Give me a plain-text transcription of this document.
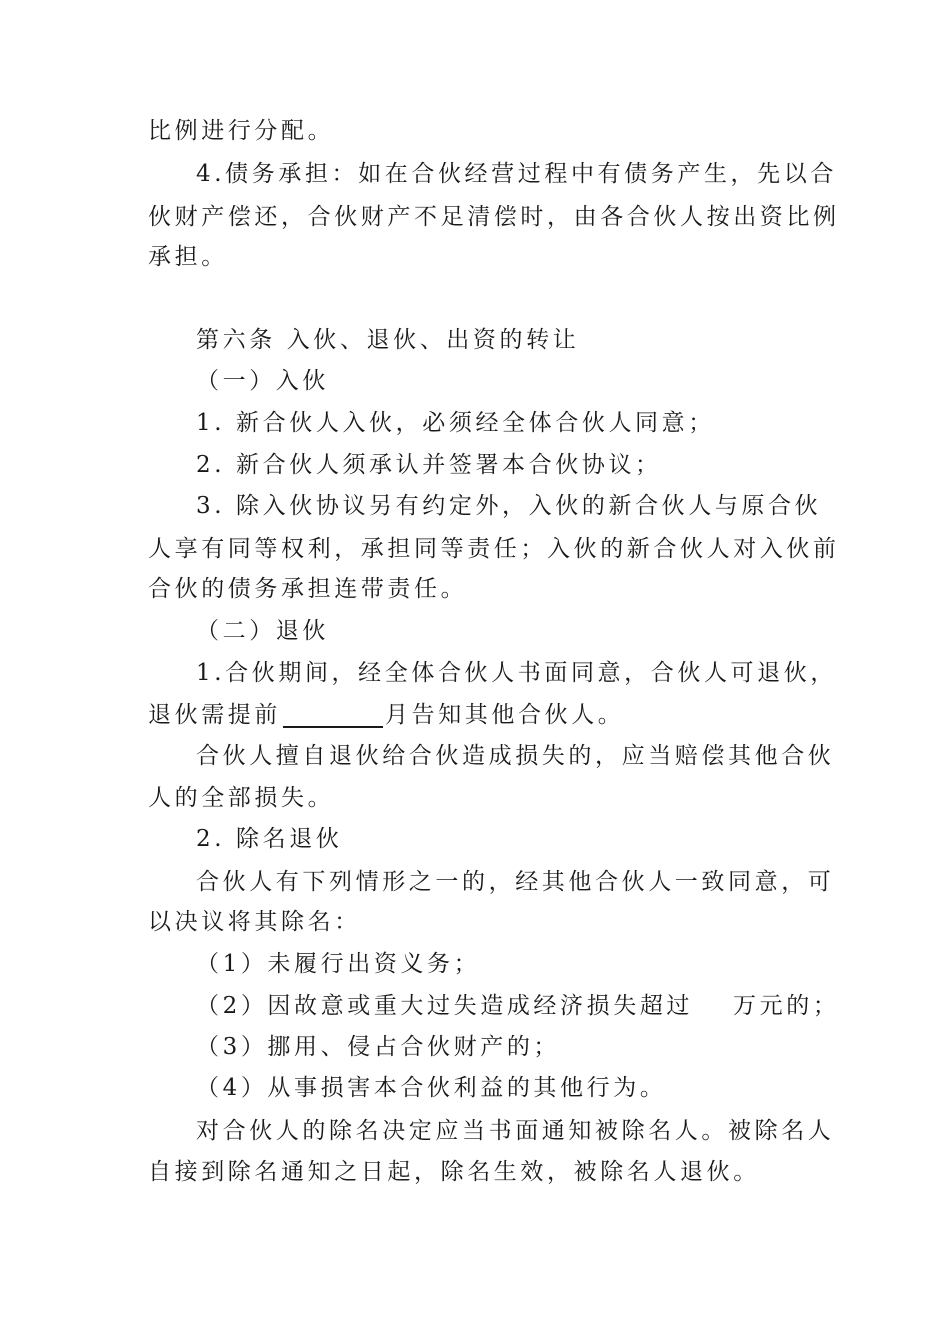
比例进行分配。
4.债务承担：如在合伙经营过程中有债务产生，先以合
伙财产偿还，合伙财产不足清偿时，由各合伙人按出资比例
承担。
第六条 入伙、退伙、出资的转让
（一）入伙
1. 新合伙人入伙，必须经全体合伙人同意；
2. 新合伙人须承认并签署本合伙协议；
3. 除入伙协议另有约定外，入伙的新合伙人与原合伙
人享有同等权利，承担同等责任；入伙的新合伙人对入伙前
合伙的债务承担连带责任。
（二）退伙
1.合伙期间，经全体合伙人书面同意，合伙人可退伙，
退伙需提前	月告知其他合伙人。
合伙人擅自退伙给合伙造成损失的，应当赔偿其他合伙
人的全部损失。
2. 除名退伙
合伙人有下列情形之一的，经其他合伙人一致同意，可
以决议将其除名：
（1）未履行出资义务；
（2）因故意或重大过失造成经济损失超过 万元的；
（3）挪用、侵占合伙财产的；
（4）从事损害本合伙利益的其他行为。
对合伙人的除名决定应当书面通知被除名人。被除名人
自接到除名通知之日起，除名生效，被除名人退伙。
